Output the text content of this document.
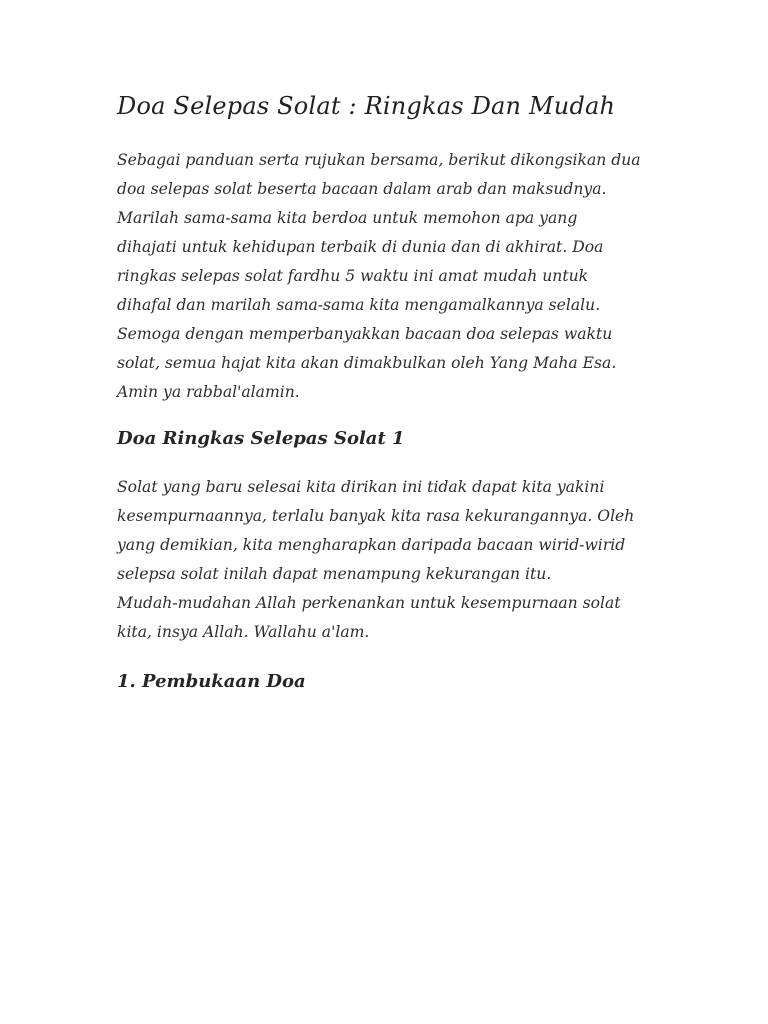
Doa Selepas Solat : Ringkas Dan Mudah

Sebagai panduan serta rujukan bersama, berikut dikongsikan dua
doa selepas solat beserta bacaan dalam arab dan maksudnya.
Marilah sama-sama kita berdoa untuk memohon apa yang
dihajati untuk kehidupan terbaik di dunia dan di akhirat. Doa
ringkas selepas solat fardhu 5 waktu ini amat mudah untuk
dihafal dan marilah sama-sama kita mengamalkannya selalu.
Semoga dengan memperbanyakkan bacaan doa selepas waktu
solat, semua hajat kita akan dimakbulkan oleh Yang Maha Esa.
Amin ya rabbal'alamin.

Doa Ringkas Selepas Solat 1

Solat yang baru selesai kita dirikan ini tidak dapat kita yakini
kesempurnaannya, terlalu banyak kita rasa kekurangannya. Oleh
yang demikian, kita mengharapkan daripada bacaan wirid-wirid
selepsa solat inilah dapat menampung kekurangan itu.
Mudah-mudahan Allah perkenankan untuk kesempurnaan solat
kita, insya Allah. Wallahu a'lam.

1. Pembukaan Doa
